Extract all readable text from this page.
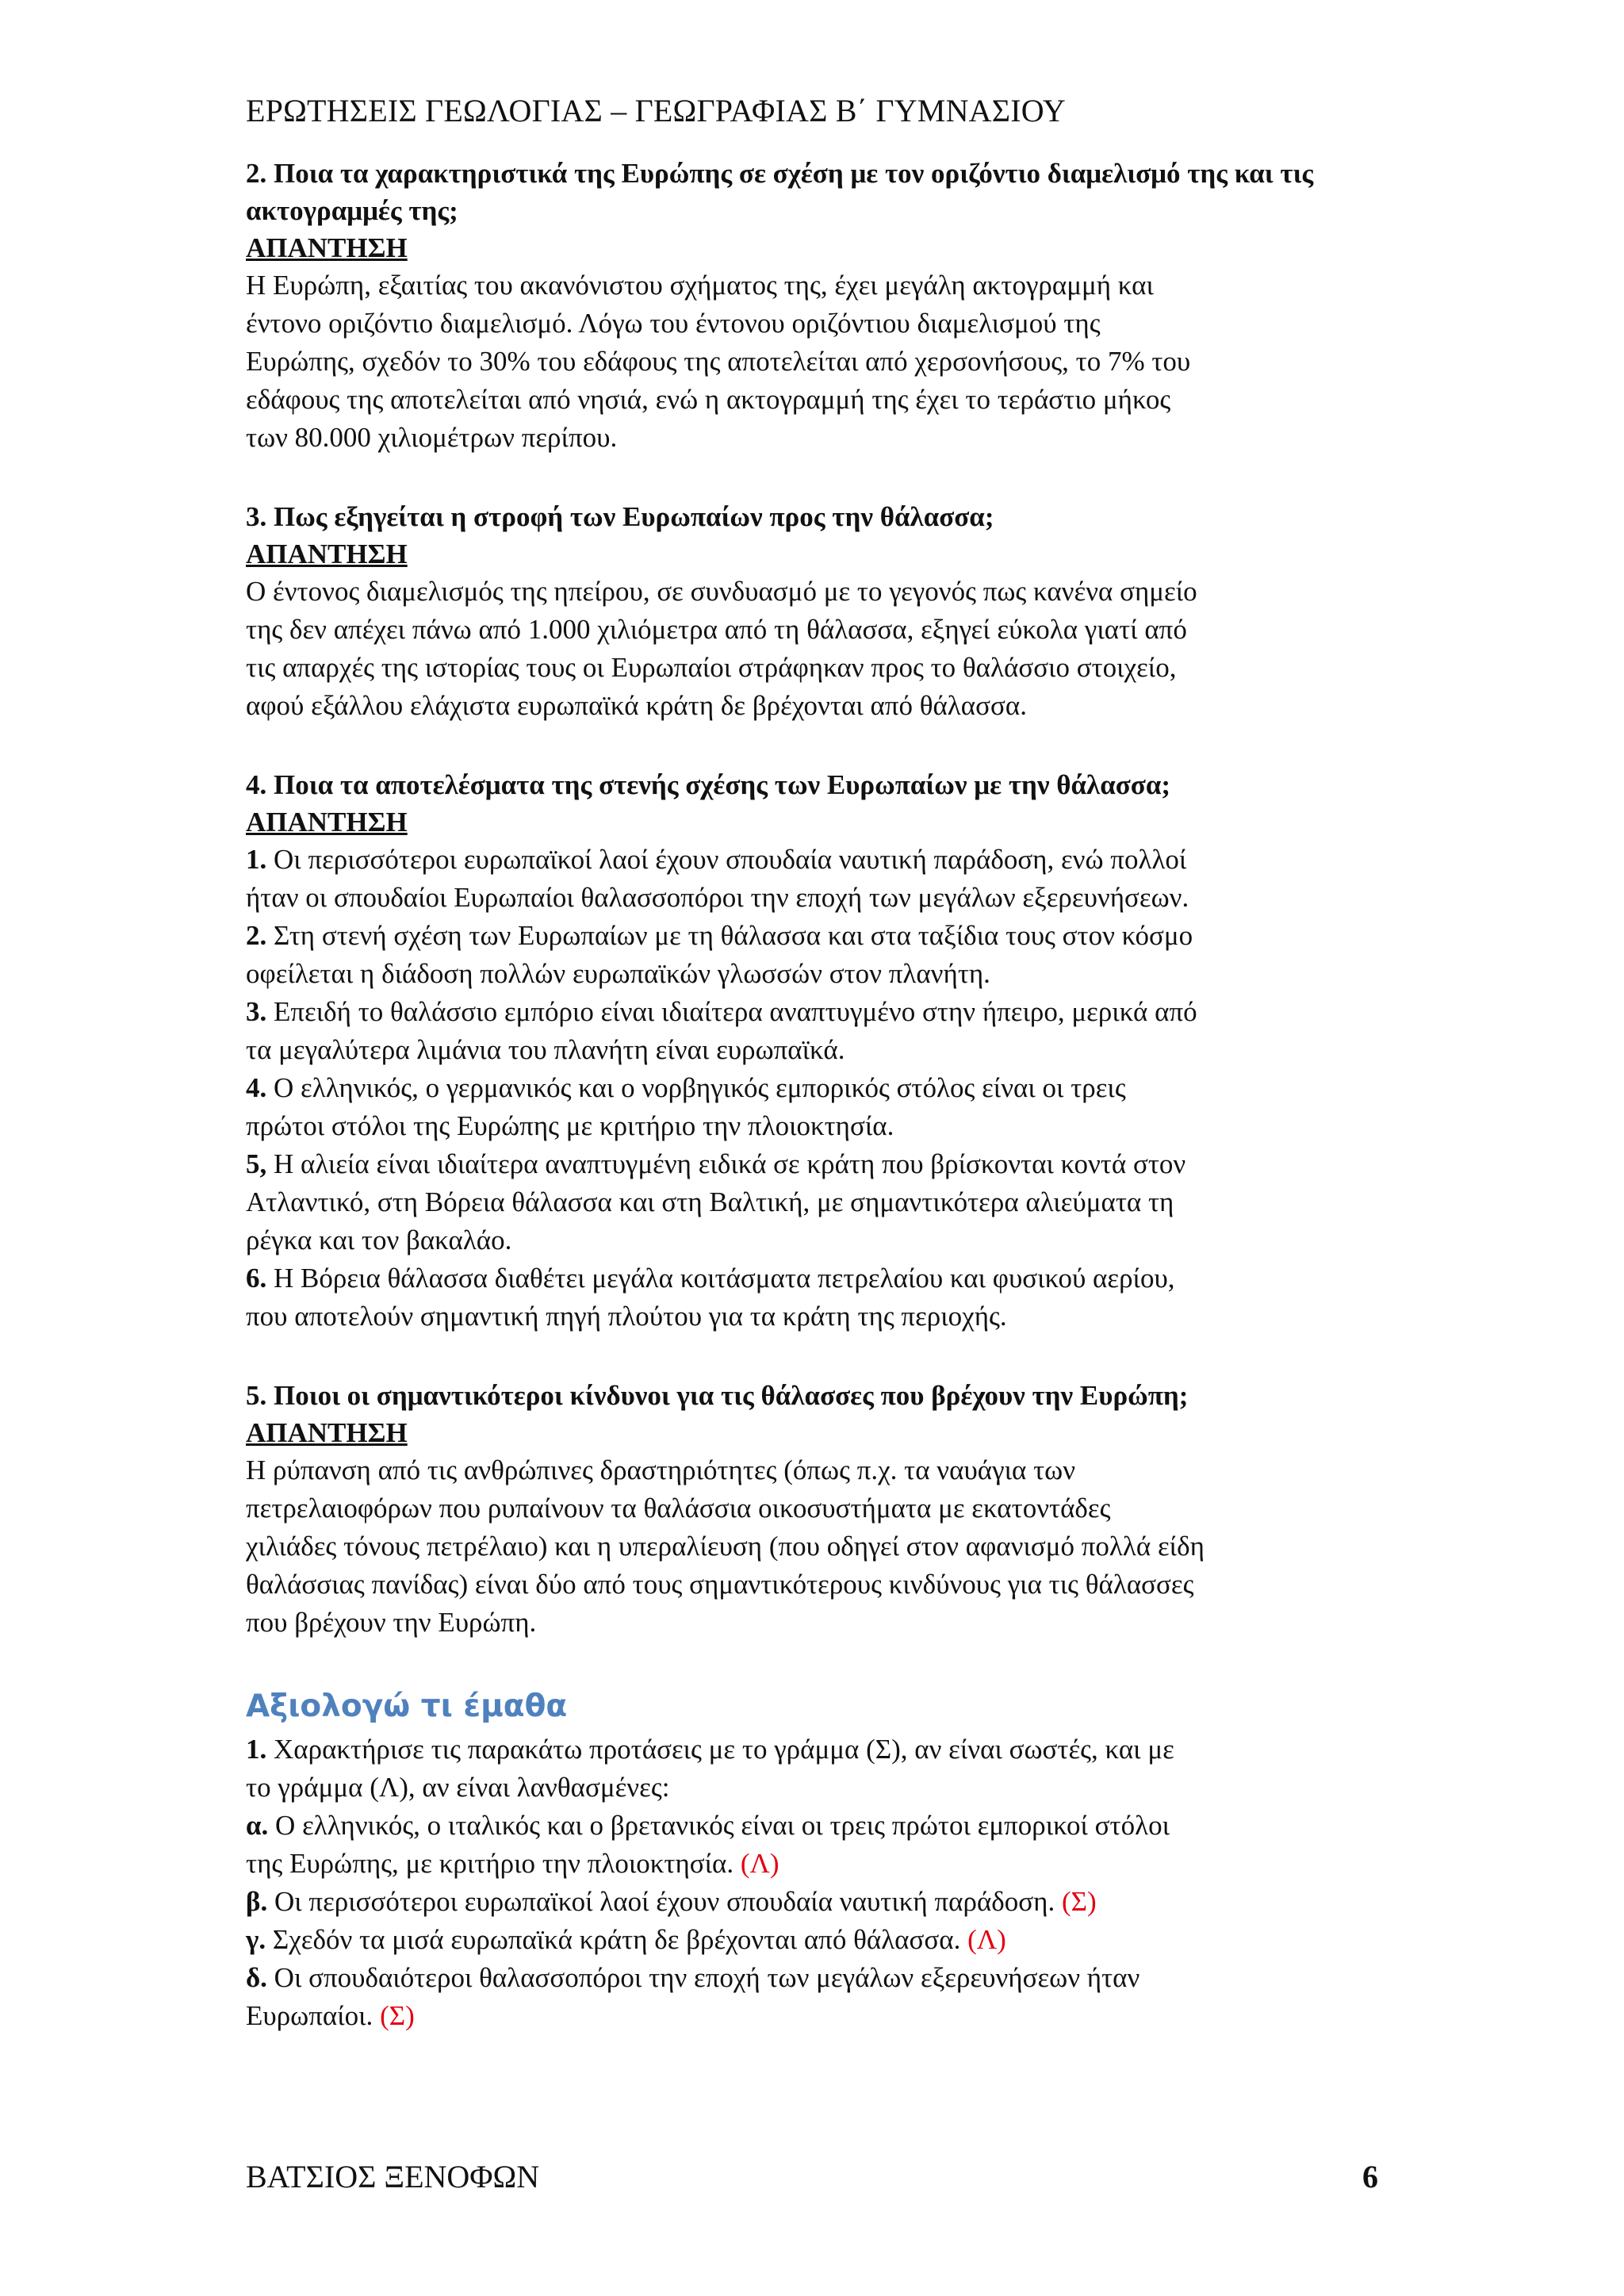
ΕΡΩΤΗΣΕΙΣ ΓΕΩΛΟΓΙΑΣ – ΓΕΩΓΡΑΦΙΑΣ Β΄ ΓΥΜΝΑΣΙΟΥ
2. Ποια τα χαρακτηριστικά της Ευρώπης σε σχέση με τον οριζόντιο διαμελισμό της και τις ακτογραμμές της;
ΑΠΑΝΤΗΣΗ
Η Ευρώπη, εξαιτίας του ακανόνιστου σχήματος της, έχει μεγάλη ακτογραμμή και
έντονο οριζόντιο διαμελισμό. Λόγω του έντονου οριζόντιου διαμελισμού της
Ευρώπης, σχεδόν το 30% του εδάφους της αποτελείται από χερσονήσους, το 7% του
εδάφους της αποτελείται από νησιά, ενώ η ακτογραμμή της έχει το τεράστιο μήκος
των 80.000 χιλιομέτρων περίπου.
3. Πως εξηγείται η στροφή των Ευρωπαίων προς την θάλασσα;
ΑΠΑΝΤΗΣΗ
Ο έντονος διαμελισμός της ηπείρου, σε συνδυασμό με το γεγονός πως κανένα σημείο
της δεν απέχει πάνω από 1.000 χιλιόμετρα από τη θάλασσα, εξηγεί εύκολα γιατί από
τις απαρχές της ιστορίας τους οι Ευρωπαίοι στράφηκαν προς το θαλάσσιο στοιχείο,
αφού εξάλλου ελάχιστα ευρωπαϊκά κράτη δε βρέχονται από θάλασσα.
4. Ποια τα αποτελέσματα της στενής σχέσης των Ευρωπαίων με την θάλασσα;
ΑΠΑΝΤΗΣΗ
1. Οι περισσότεροι ευρωπαϊκοί λαοί έχουν σπουδαία ναυτική παράδοση, ενώ πολλοί
ήταν οι σπουδαίοι Ευρωπαίοι θαλασσοπόροι την εποχή των μεγάλων εξερευνήσεων.
2. Στη στενή σχέση των Ευρωπαίων με τη θάλασσα και στα ταξίδια τους στον κόσμο
οφείλεται η διάδοση πολλών ευρωπαϊκών γλωσσών στον πλανήτη.
3. Επειδή το θαλάσσιο εμπόριο είναι ιδιαίτερα αναπτυγμένο στην ήπειρο, μερικά από
τα μεγαλύτερα λιμάνια του πλανήτη είναι ευρωπαϊκά.
4. Ο ελληνικός, ο γερμανικός και ο νορβηγικός εμπορικός στόλος είναι οι τρεις
πρώτοι στόλοι της Ευρώπης με κριτήριο την πλοιοκτησία.
5, Η αλιεία είναι ιδιαίτερα αναπτυγμένη ειδικά σε κράτη που βρίσκονται κοντά στον
Ατλαντικό, στη Βόρεια θάλασσα και στη Βαλτική, με σημαντικότερα αλιεύματα τη
ρέγκα και τον βακαλάο.
6. Η Βόρεια θάλασσα διαθέτει μεγάλα κοιτάσματα πετρελαίου και φυσικού αερίου,
που αποτελούν σημαντική πηγή πλούτου για τα κράτη της περιοχής.
5. Ποιοι οι σημαντικότεροι κίνδυνοι για τις θάλασσες που βρέχουν την Ευρώπη;
ΑΠΑΝΤΗΣΗ
Η ρύπανση από τις ανθρώπινες δραστηριότητες (όπως π.χ. τα ναυάγια των
πετρελαιοφόρων που ρυπαίνουν τα θαλάσσια οικοσυστήματα με εκατοντάδες
χιλιάδες τόνους πετρέλαιο) και η υπεραλίευση (που οδηγεί στον αφανισμό πολλά είδη
θαλάσσιας πανίδας) είναι δύο από τους σημαντικότερους κινδύνους για τις θάλασσες
που βρέχουν την Ευρώπη.
Αξιολογώ τι έμαθα
1. Χαρακτήρισε τις παρακάτω προτάσεις με το γράμμα (Σ), αν είναι σωστές, και με
το γράμμα (Λ), αν είναι λανθασμένες:
α. Ο ελληνικός, ο ιταλικός και ο βρετανικός είναι οι τρεις πρώτοι εμπορικοί στόλοι
της Ευρώπης, με κριτήριο την πλοιοκτησία. (Λ)
β. Οι περισσότεροι ευρωπαϊκοί λαοί έχουν σπουδαία ναυτική παράδοση. (Σ)
γ. Σχεδόν τα μισά ευρωπαϊκά κράτη δε βρέχονται από θάλασσα. (Λ)
δ. Οι σπουδαιότεροι θαλασσοπόροι την εποχή των μεγάλων εξερευνήσεων ήταν
Ευρωπαίοι. (Σ)
ΒΑΤΣΙΟΣ ΞΕΝΟΦΩΝ	6
